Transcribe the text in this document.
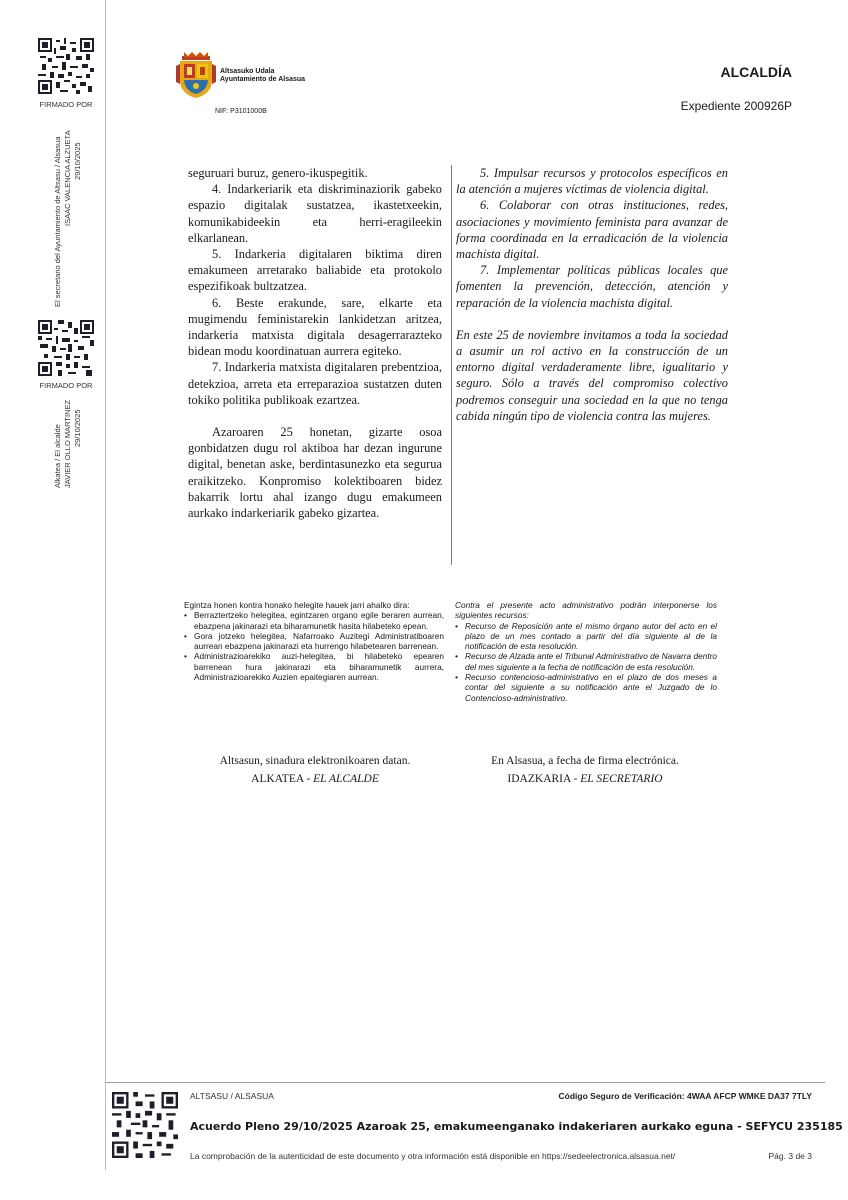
FIRMADO POR
El secretario del Ayuntamiento de Altsasu / Alsasua ISAAC VALENCIA ALZUETA 29/10/2025
FIRMADO POR
Alkatea / El alcalde JAVIER OLLO MARTINEZ 29/10/2025
Altsasuko Udala
Ayuntamiento de Alsasua
NIF: P3101000B
ALCALDÍA
Expediente 200926P

seguruari buruz, genero-ikuspegitik.

4. Indarkeriarik eta diskriminaziorik gabeko espazio digitalak sustatzea, ikastetxeekin, komunikabideekin eta herri-eragileekin elkarlanean.

5. Indarkeria digitalaren biktima diren emakumeen arretarako baliabide eta protokolo espezifikoak bultzatzea.

6. Beste erakunde, sare, elkarte eta mugimendu feministarekin lankidetzan aritzea, indarkeria matxista digitala desagerrarazteko bidean modu koordinatuan aurrera egiteko.

7. Indarkeria matxista digitalaren prebentzioa, detekzioa, arreta eta erreparazioa sustatzen duten tokiko politika publikoak ezartzea.

Azaroaren 25 honetan, gizarte osoa gonbidatzen dugu rol aktiboa har dezan ingurune digital, benetan aske, berdintasunezko eta segurua eraikitzeko. Konpromiso kolektiboaren bidez bakarrik lortu ahal izango dugu emakumeen aurkako indarkeriarik gabeko gizartea.

5. Impulsar recursos y protocolos específicos en la atención a mujeres víctimas de violencia digital.

6. Colaborar con otras instituciones, redes, asociaciones y movimiento feminista para avanzar de forma coordinada en la erradicación de la violencia machista digital.

7. Implementar políticas públicas locales que fomenten la prevención, detección, atención y reparación de la violencia machista digital.

En este 25 de noviembre invitamos a toda la sociedad a asumir un rol activo en la construcción de un entorno digital verdaderamente libre, igualitario y seguro. Sólo a través del compromiso colectivo podremos conseguir una sociedad en la que no tenga cabida ningún tipo de violencia contra las mujeres.

Egintza honen kontra honako helegite hauek jarri ahalko dira:

• Berraztertzeko helegitea, egintzaren organo egile beraren aurrean, ebazpena jakinarazi eta biharamunetik hasita hilabeteko epean.
• Gora jotzeko helegitea, Nafarroako Auzitegi Administratiboaren aurrean ebazpena jakinarazi eta hurrengo hilabetearen barrenean.
• Administrazioarekiko auzi-helegitea, bi hilabeteko epearen barrenean hura jakinarazi eta biharamunetik aurrera, Administrazioarekiko Auzien epaitegiaren aurrean.

Contra el presente acto administrativo podrán interponerse los siguientes recursos:

• Recurso de Reposición ante el mismo órgano autor del acto en el plazo de un mes contado a partir del día siguiente al de la notificación de esta resolución.
• Recurso de Alzada ante el Tribunal Administrativo de Navarra dentro del mes siguiente a la fecha de notificación de esta resolución.
• Recurso contencioso-administrativo en el plazo de dos meses a contar del siguiente a su notificación ante el Juzgado de lo Contencioso-administrativo.
Altsasun, sinadura elektronikoaren datan.
ALKATEA - EL ALCALDE
En Alsasua, a fecha de firma electrónica.
IDAZKARIA - EL SECRETARIO
ALTSASU / ALSASUA	Código Seguro de Verificación: 4WAA AFCP WMKE DA37 7TLY
Acuerdo Pleno 29/10/2025 Azaroak 25, emakumeenganako indakeriaren aurkako eguna - SEFYCU 235185
La comprobación de la autenticidad de este documento y otra información está disponible en https://sedeelectronica.alsasua.net/	Pág. 3 de 3
